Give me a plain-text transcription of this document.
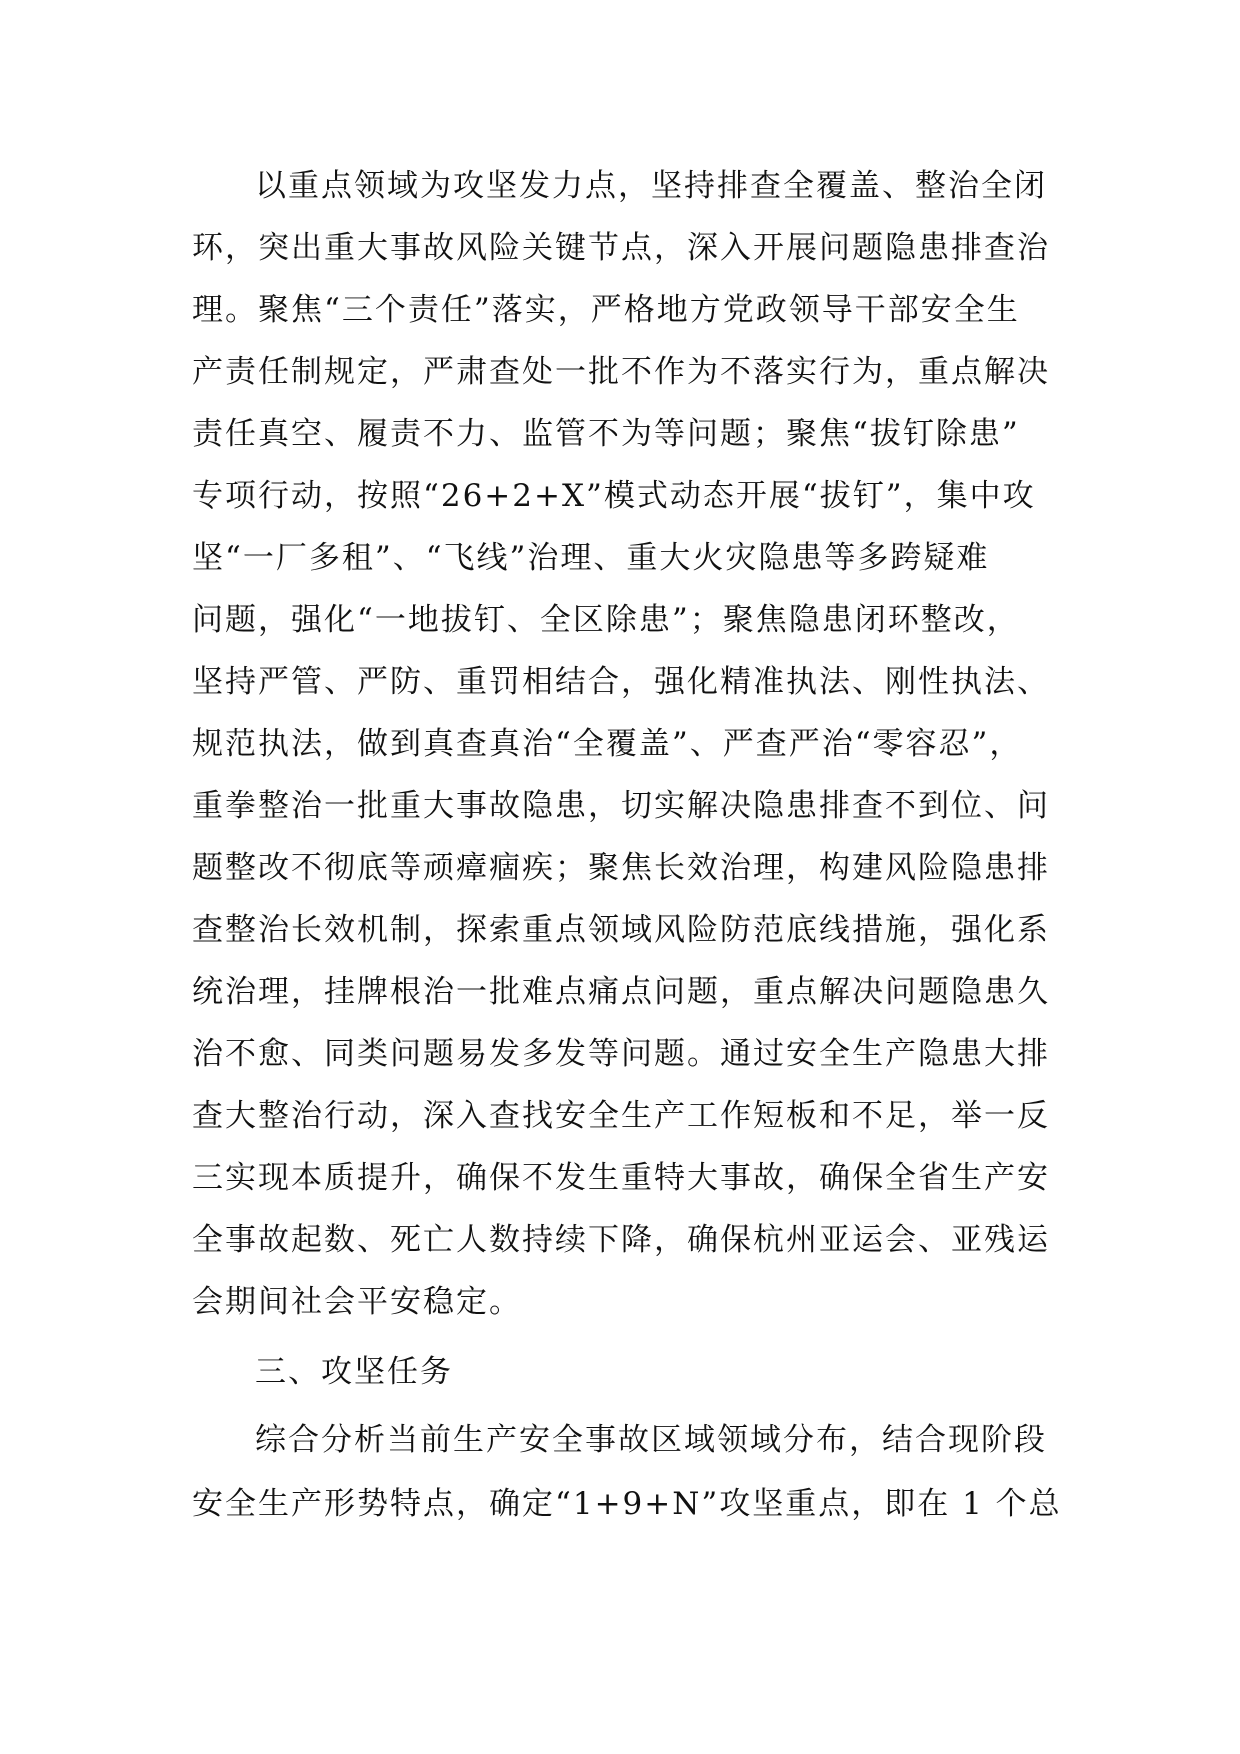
以重点领域为攻坚发力点，坚持排查全覆盖、整治全闭
环，突出重大事故风险关键节点，深入开展问题隐患排查治
理。聚焦“三个责任”落实，严格地方党政领导干部安全生
产责任制规定，严肃查处一批不作为不落实行为，重点解决
责任真空、履责不力、监管不为等问题；聚焦“拔钉除患”
专项行动，按照“26+2+X”模式动态开展“拔钉”，集中攻
坚“一厂多租”、“飞线”治理、重大火灾隐患等多跨疑难
问题，强化“一地拔钉、全区除患”；聚焦隐患闭环整改，
坚持严管、严防、重罚相结合，强化精准执法、刚性执法、
规范执法，做到真查真治“全覆盖”、严查严治“零容忍”，
重拳整治一批重大事故隐患，切实解决隐患排查不到位、问
题整改不彻底等顽瘴痼疾；聚焦长效治理，构建风险隐患排
查整治长效机制，探索重点领域风险防范底线措施，强化系
统治理，挂牌根治一批难点痛点问题，重点解决问题隐患久
治不愈、同类问题易发多发等问题。通过安全生产隐患大排
查大整治行动，深入查找安全生产工作短板和不足，举一反
三实现本质提升，确保不发生重特大事故，确保全省生产安
全事故起数、死亡人数持续下降，确保杭州亚运会、亚残运
会期间社会平安稳定。
三、攻坚任务
综合分析当前生产安全事故区域领域分布，结合现阶段
安全生产形势特点，确定“1+9+N”攻坚重点，即在 1 个总
